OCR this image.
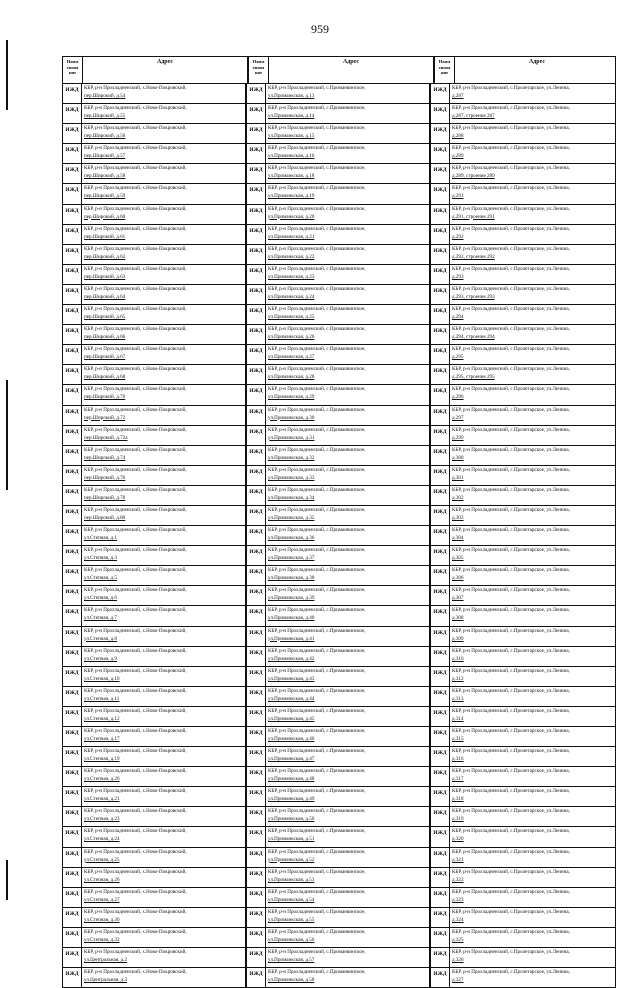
959
Наим
енова
ние
Адрес	Наим
енова
ние
Адрес	Наим
енова
ние
Адрес
ИЖД	КБР, р-н Прохладненский, х.Ново-Покровский,
пер.Широкий, д.54
ИЖД	КБР, р-н Прохладненский, с.Приманвинское,
ул.Приманкская, д.13
ИЖД	КБР, р-н Прохладненский, с.Пролетарское, ул.Ленина,
д.287
ИЖД	КБР, р-н Прохладненский, х.Ново-Покровский,
пер.Широкий, д.55
ИЖД	КБР, р-н Прохладненский, с.Приманвинское,
ул.Приманкская, д.14
ИЖД	КБР, р-н Прохладненский, с.Пролетарское, ул.Ленина,
д.287, строение 287
ИЖД	КБР, р-н Прохладненский, х.Ново-Покровский,
пер.Широкий, д.56
ИЖД	КБР, р-н Прохладненский, с.Приманвинское,
ул.Приманкская, д.15
ИЖД	КБР, р-н Прохладненский, с.Пролетарское, ул.Ленина,
д.288
ИЖД	КБР, р-н Прохладненский, х.Ново-Покровский,
пер.Широкий, д.57
ИЖД	КБР, р-н Прохладненский, с.Приманвинское,
ул.Приманкская, д.16
ИЖД	КБР, р-н Прохладненский, с.Пролетарское, ул.Ленина,
д.289
ИЖД	КБР, р-н Прохладненский, х.Ново-Покровский,
пер.Широкий, д.58
ИЖД	КБР, р-н Прохладненский, с.Приманвинское,
ул.Приманкская, д.18
ИЖД	КБР, р-н Прохладненский, с.Пролетарское, ул.Ленина,
д.289, строение 289
ИЖД	КБР, р-н Прохладненский, х.Ново-Покровский,
пер.Широкий, д.59
ИЖД	КБР, р-н Прохладненский, с.Приманвинское,
ул.Приманкская, д.19
ИЖД	КБР, р-н Прохладненский, с.Пролетарское, ул.Ленина,
д.291
ИЖД	КБР, р-н Прохладненский, х.Ново-Покровский,
пер.Широкий, д.60
ИЖД	КБР, р-н Прохладненский, с.Приманвинское,
ул.Приманкская, д.20
ИЖД	КБР, р-н Прохладненский, с.Пролетарское, ул.Ленина,
д.291, строение 291
ИЖД	КБР, р-н Прохладненский, х.Ново-Покровский,
пер.Широкий, д.61
ИЖД	КБР, р-н Прохладненский, с.Приманвинское,
ул.Приманкская, д.21
ИЖД	КБР, р-н Прохладненский, с.Пролетарское, ул.Ленина,
д.292
ИЖД	КБР, р-н Прохладненский, х.Ново-Покровский,
пер.Широкий, д.62
ИЖД	КБР, р-н Прохладненский, с.Приманвинское,
ул.Приманкская, д.22
ИЖД	КБР, р-н Прохладненский, с.Пролетарское, ул.Ленина,
д.292, строение 292
ИЖД	КБР, р-н Прохладненский, х.Ново-Покровский,
пер.Широкий, д.63
ИЖД	КБР, р-н Прохладненский, с.Приманвинское,
ул.Приманкская, д.23
ИЖД	КБР, р-н Прохладненский, с.Пролетарское, ул.Ленина,
д.293
ИЖД	КБР, р-н Прохладненский, х.Ново-Покровский,
пер.Широкий, д.64
ИЖД	КБР, р-н Прохладненский, с.Приманвинское,
ул.Приманкская, д.24
ИЖД	КБР, р-н Прохладненский, с.Пролетарское, ул.Ленина,
д.293, строение 293
ИЖД	КБР, р-н Прохладненский, х.Ново-Покровский,
пер.Широкий, д.65
ИЖД	КБР, р-н Прохладненский, с.Приманвинское,
ул.Приманкская, д.25
ИЖД	КБР, р-н Прохладненский, с.Пролетарское, ул.Ленина,
д.294
ИЖД	КБР, р-н Прохладненский, х.Ново-Покровский,
пер.Широкий, д.66
ИЖД	КБР, р-н Прохладненский, с.Приманвинское,
ул.Приманкская, д.26
ИЖД	КБР, р-н Прохладненский, с.Пролетарское, ул.Ленина,
д.294, строение 294
ИЖД	КБР, р-н Прохладненский, х.Ново-Покровский,
пер.Широкий, д.67
ИЖД	КБР, р-н Прохладненский, с.Приманвинское,
ул.Приманкская, д.27
ИЖД	КБР, р-н Прохладненский, с.Пролетарское, ул.Ленина,
д.295
ИЖД	КБР, р-н Прохладненский, х.Ново-Покровский,
пер.Широкий, д.68
ИЖД	КБР, р-н Прохладненский, с.Приманвинское,
ул.Приманкская, д.28
ИЖД	КБР, р-н Прохладненский, с.Пролетарское, ул.Ленина,
д.295, строение 295
ИЖД	КБР, р-н Прохладненский, х.Ново-Покровский,
пер.Широкий, д.70
ИЖД	КБР, р-н Прохладненский, с.Приманвинское,
ул.Приманкская, д.29
ИЖД	КБР, р-н Прохладненский, с.Пролетарское, ул.Ленина,
д.296
ИЖД	КБР, р-н Прохладненский, х.Ново-Покровский,
пер.Широкий, д.72
ИЖД	КБР, р-н Прохладненский, с.Приманвинское,
ул.Приманкская, д.30
ИЖД	КБР, р-н Прохладненский, с.Пролетарское, ул.Ленина,
д.297
ИЖД	КБР, р-н Прохладненский, х.Ново-Покровский,
пер.Широкий, д.72а
ИЖД	КБР, р-н Прохладненский, с.Приманвинское,
ул.Приманкская, д.31
ИЖД	КБР, р-н Прохладненский, с.Пролетарское, ул.Ленина,
д.299
ИЖД	КБР, р-н Прохладненский, х.Ново-Покровский,
пер.Широкий, д.74
ИЖД	КБР, р-н Прохладненский, с.Приманвинское,
ул.Приманкская, д.32
ИЖД	КБР, р-н Прохладненский, с.Пролетарское, ул.Ленина,
д.300
ИЖД	КБР, р-н Прохладненский, х.Ново-Покровский,
пер.Широкий, д.76
ИЖД	КБР, р-н Прохладненский, с.Приманвинское,
ул.Приманкская, д.33
ИЖД	КБР, р-н Прохладненский, с.Пролетарское, ул.Ленина,
д.301
ИЖД	КБР, р-н Прохладненский, х.Ново-Покровский,
пер.Широкий, д.78
ИЖД	КБР, р-н Прохладненский, с.Приманвинское,
ул.Приманкская, д.34
ИЖД	КБР, р-н Прохладненский, с.Пролетарское, ул.Ленина,
д.302
ИЖД	КБР, р-н Прохладненский, х.Ново-Покровский,
пер.Широкий, д.80
ИЖД	КБР, р-н Прохладненский, с.Приманвинское,
ул.Приманкская, д.35
ИЖД	КБР, р-н Прохладненский, с.Пролетарское, ул.Ленина,
д.303
ИЖД	КБР, р-н Прохладненский, х.Ново-Покровский,
ул.Степная, д.1
ИЖД	КБР, р-н Прохладненский, с.Приманвинское,
ул.Приманкская, д.36
ИЖД	КБР, р-н Прохладненский, с.Пролетарское, ул.Ленина,
д.304
ИЖД	КБР, р-н Прохладненский, х.Ново-Покровский,
ул.Степная, д.3
ИЖД	КБР, р-н Прохладненский, с.Приманвинское,
ул.Приманкская, д.37
ИЖД	КБР, р-н Прохладненский, с.Пролетарское, ул.Ленина,
д.305
ИЖД	КБР, р-н Прохладненский, х.Ново-Покровский,
ул.Степная, д.5
ИЖД	КБР, р-н Прохладненский, с.Приманвинское,
ул.Приманкская, д.38
ИЖД	КБР, р-н Прохладненский, с.Пролетарское, ул.Ленина,
д.306
ИЖД	КБР, р-н Прохладненский, х.Ново-Покровский,
ул.Степная, д.6
ИЖД	КБР, р-н Прохладненский, с.Приманвинское,
ул.Приманкская, д.39
ИЖД	КБР, р-н Прохладненский, с.Пролетарское, ул.Ленина,
д.307
ИЖД	КБР, р-н Прохладненский, х.Ново-Покровский,
ул.Степная, д.7
ИЖД	КБР, р-н Прохладненский, с.Приманвинское,
ул.Приманкская, д.40
ИЖД	КБР, р-н Прохладненский, с.Пролетарское, ул.Ленина,
д.308
ИЖД	КБР, р-н Прохладненский, х.Ново-Покровский,
ул.Степная, д.8
ИЖД	КБР, р-н Прохладненский, с.Приманвинское,
ул.Приманкская, д.41
ИЖД	КБР, р-н Прохладненский, с.Пролетарское, ул.Ленина,
д.309
ИЖД	КБР, р-н Прохладненский, х.Ново-Покровский,
ул.Степная, д.9
ИЖД	КБР, р-н Прохладненский, с.Приманвинское,
ул.Приманкская, д.42
ИЖД	КБР, р-н Прохладненский, с.Пролетарское, ул.Ленина,
д.310
ИЖД	КБР, р-н Прохладненский, х.Ново-Покровский,
ул.Степная, д.10
ИЖД	КБР, р-н Прохладненский, с.Приманвинское,
ул.Приманкская, д.43
ИЖД	КБР, р-н Прохладненский, с.Пролетарское, ул.Ленина,
д.312
ИЖД	КБР, р-н Прохладненский, х.Ново-Покровский,
ул.Степная, д.11
ИЖД	КБР, р-н Прохладненский, с.Приманвинское,
ул.Приманкская, д.44
ИЖД	КБР, р-н Прохладненский, с.Пролетарское, ул.Ленина,
д.313
ИЖД	КБР, р-н Прохладненский, х.Ново-Покровский,
ул.Степная, д.12
ИЖД	КБР, р-н Прохладненский, с.Приманвинское,
ул.Приманкская, д.45
ИЖД	КБР, р-н Прохладненский, с.Пролетарское, ул.Ленина,
д.314
ИЖД	КБР, р-н Прохладненский, х.Ново-Покровский,
ул.Степная, д.17
ИЖД	КБР, р-н Прохладненский, с.Приманвинское,
ул.Приманкская, д.46
ИЖД	КБР, р-н Прохладненский, с.Пролетарское, ул.Ленина,
д.315
ИЖД	КБР, р-н Прохладненский, х.Ново-Покровский,
ул.Степная, д.19
ИЖД	КБР, р-н Прохладненский, с.Приманвинское,
ул.Приманкская, д.47
ИЖД	КБР, р-н Прохладненский, с.Пролетарское, ул.Ленина,
д.316
ИЖД	КБР, р-н Прохладненский, х.Ново-Покровский,
ул.Степная, д.20
ИЖД	КБР, р-н Прохладненский, с.Приманвинское,
ул.Приманкская, д.48
ИЖД	КБР, р-н Прохладненский, с.Пролетарское, ул.Ленина,
д.317
ИЖД	КБР, р-н Прохладненский, х.Ново-Покровский,
ул.Степная, д.21
ИЖД	КБР, р-н Прохладненский, с.Приманвинское,
ул.Приманкская, д.49
ИЖД	КБР, р-н Прохладненский, с.Пролетарское, ул.Ленина,
д.318
ИЖД	КБР, р-н Прохладненский, х.Ново-Покровский,
ул.Степная, д.23
ИЖД	КБР, р-н Прохладненский, с.Приманвинское,
ул.Приманкская, д.50
ИЖД	КБР, р-н Прохладненский, с.Пролетарское, ул.Ленина,
д.319
ИЖД	КБР, р-н Прохладненский, х.Ново-Покровский,
ул.Степная, д.24
ИЖД	КБР, р-н Прохладненский, с.Приманвинское,
ул.Приманкская, д.51
ИЖД	КБР, р-н Прохладненский, с.Пролетарское, ул.Ленина,
д.320
ИЖД	КБР, р-н Прохладненский, х.Ново-Покровский,
ул.Степная, д.25
ИЖД	КБР, р-н Прохладненский, с.Приманвинское,
ул.Приманкская, д.52
ИЖД	КБР, р-н Прохладненский, с.Пролетарское, ул.Ленина,
д.321
ИЖД	КБР, р-н Прохладненский, х.Ново-Покровский,
ул.Степная, д.26
ИЖД	КБР, р-н Прохладненский, с.Приманвинское,
ул.Приманкская, д.53
ИЖД	КБР, р-н Прохладненский, с.Пролетарское, ул.Ленина,
д.322
ИЖД	КБР, р-н Прохладненский, х.Ново-Покровский,
ул.Степная, д.27
ИЖД	КБР, р-н Прохладненский, с.Приманвинское,
ул.Приманкская, д.54
ИЖД	КБР, р-н Прохладненский, с.Пролетарское, ул.Ленина,
д.323
ИЖД	КБР, р-н Прохладненский, х.Ново-Покровский,
ул.Степная, д.30
ИЖД	КБР, р-н Прохладненский, с.Приманвинское,
ул.Приманкская, д.55
ИЖД	КБР, р-н Прохладненский, с.Пролетарское, ул.Ленина,
д.324
ИЖД	КБР, р-н Прохладненский, х.Ново-Покровский,
ул.Степная, д.32
ИЖД	КБР, р-н Прохладненский, с.Приманвинское,
ул.Приманкская, д.56
ИЖД	КБР, р-н Прохладненский, с.Пролетарское, ул.Ленина,
д.325
ИЖД	КБР, р-н Прохладненский, х.Ново-Покровский,
ул.Центральная, д.2
ИЖД	КБР, р-н Прохладненский, с.Приманвинское,
ул.Приманкская, д.57
ИЖД	КБР, р-н Прохладненский, с.Пролетарское, ул.Ленина,
д.326
ИЖД	КБР, р-н Прохладненский, х.Ново-Покровский,
ул.Центральная, д.3
ИЖД	КБР, р-н Прохладненский, с.Приманвинское,
ул.Приманкская, д.58
ИЖД	КБР, р-н Прохладненский, с.Пролетарское, ул.Ленина,
д.327
